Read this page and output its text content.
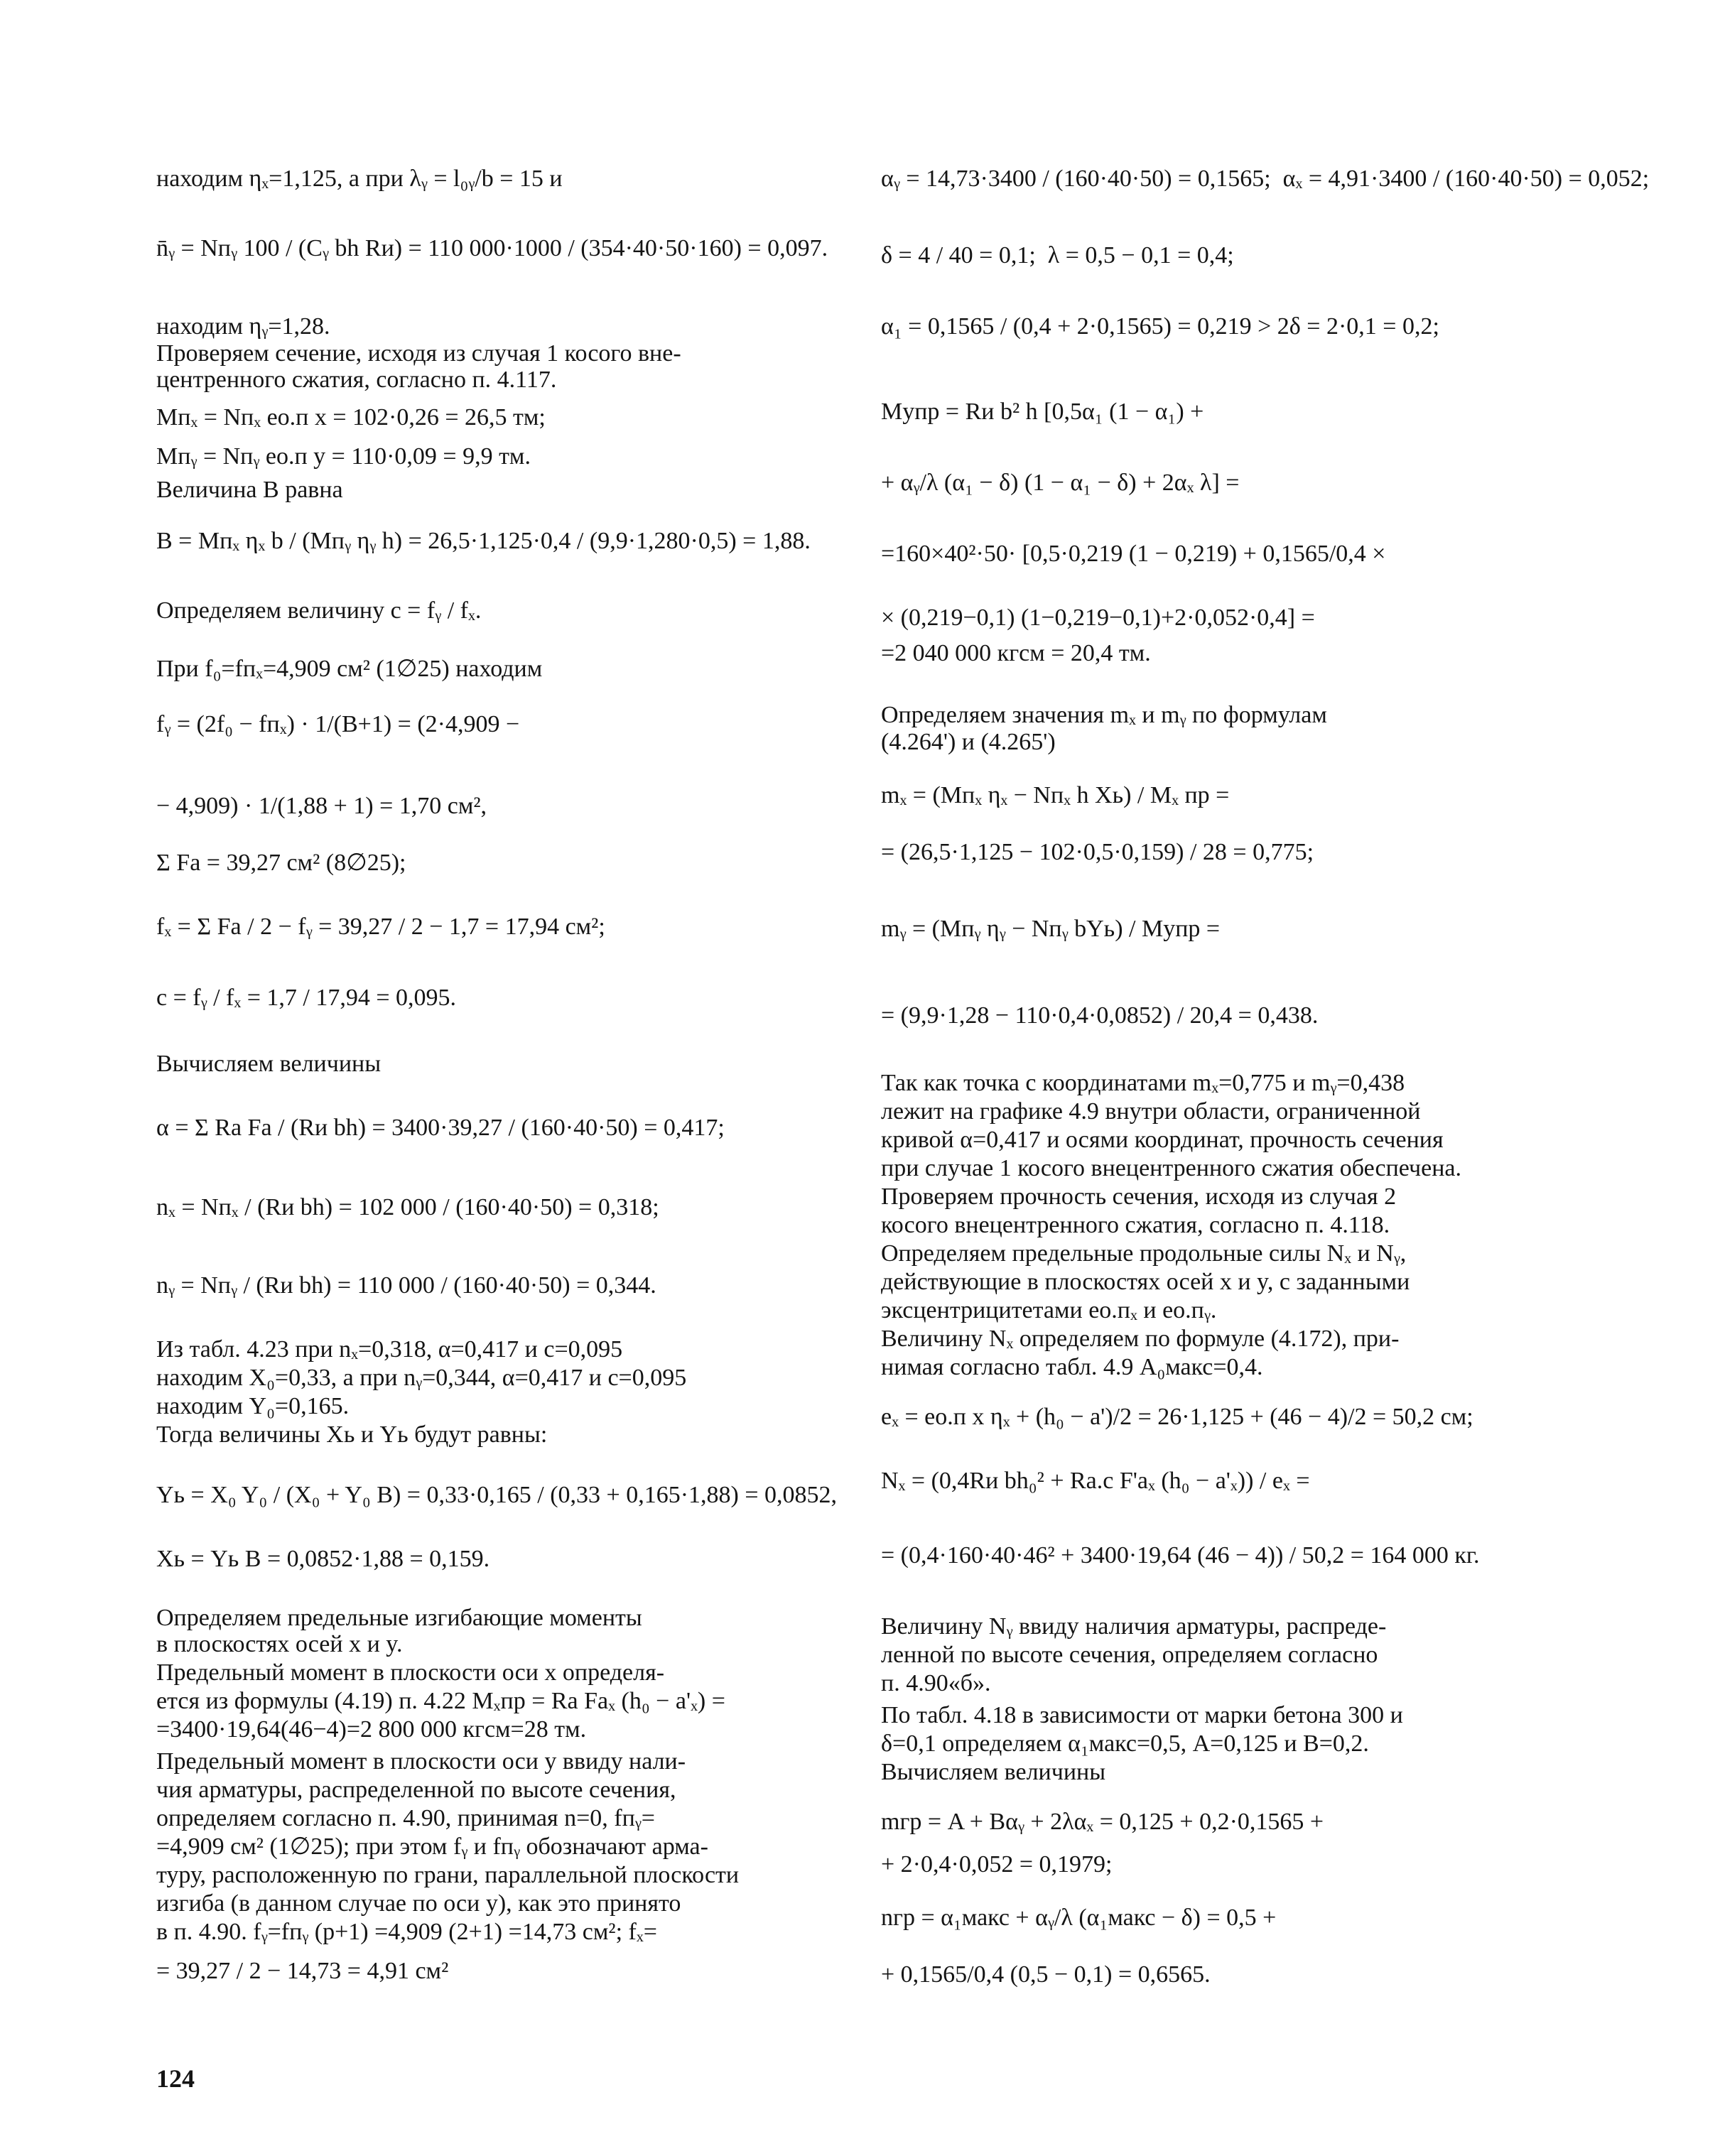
находим ηₓ=1,125, а при λᵧ = l₀ᵧ/b = 15 и
n̄ᵧ = Nпᵧ 100 / (Cᵧ bh Rи) = 110 000·1000 / (354·40·50·160) = 0,097.
находим ηᵧ=1,28.
Проверяем сечение, исходя из случая 1 косого вне-
центренного сжатия, согласно п. 4.117.
Mпₓ = Nпₓ eо.п x = 102·0,26 = 26,5 тм;
Mпᵧ = Nпᵧ eо.п y = 110·0,09 = 9,9 тм.
Величина B равна
B = Mпₓ ηₓ b / (Mпᵧ ηᵧ h) = 26,5·1,125·0,4 / (9,9·1,280·0,5) = 1,88.
Определяем величину c = fᵧ / fₓ.
При f₀=fпₓ=4,909 см² (1∅25) находим
fᵧ = (2f₀ − fпₓ) · 1/(B+1) = (2·4,909 −
− 4,909) · 1/(1,88 + 1) = 1,70 см²,
Σ Fа = 39,27 см² (8∅25);
fₓ = Σ Fа / 2 − fᵧ = 39,27 / 2 − 1,7 = 17,94 см²;
c = fᵧ / fₓ = 1,7 / 17,94 = 0,095.
Вычисляем величины
α = Σ Rа Fа / (Rи bh) = 3400·39,27 / (160·40·50) = 0,417;
nₓ = Nпₓ / (Rи bh) = 102 000 / (160·40·50) = 0,318;
nᵧ = Nпᵧ / (Rи bh) = 110 000 / (160·40·50) = 0,344.
Из табл. 4.23 при nₓ=0,318, α=0,417 и c=0,095
находим X₀=0,33, а при nᵧ=0,344, α=0,417 и c=0,095
находим Y₀=0,165.
Тогда величины Xь и Yь будут равны:
Yь = X₀ Y₀ / (X₀ + Y₀ B) = 0,33·0,165 / (0,33 + 0,165·1,88) = 0,0852,
Xь = Yь B = 0,0852·1,88 = 0,159.
Определяем предельные изгибающие моменты
в плоскостях осей x и y.
Предельный момент в плоскости оси x определя-
ется из формулы (4.19) п. 4.22 Mₓпр = Rа Fаₓ (h₀ − a'ₓ) =
=3400·19,64(46−4)=2 800 000 кгсм=28 тм.
Предельный момент в плоскости оси y ввиду нали-
чия арматуры, распределенной по высоте сечения,
определяем согласно п. 4.90, принимая n=0, fпᵧ=
=4,909 см² (1∅25); при этом fᵧ и fпᵧ обозначают арма-
туру, расположенную по грани, параллельной плоскости
изгиба (в данном случае по оси y), как это принято
в п. 4.90. fᵧ=fпᵧ (p+1) =4,909 (2+1) =14,73 см²; fₓ=
= 39,27 / 2 − 14,73 = 4,91 см²
αᵧ = 14,73·3400 / (160·40·50) = 0,1565;  αₓ = 4,91·3400 / (160·40·50) = 0,052;
δ = 4 / 40 = 0,1;  λ = 0,5 − 0,1 = 0,4;
α₁ = 0,1565 / (0,4 + 2·0,1565) = 0,219 > 2δ = 2·0,1 = 0,2;
Mупр = Rи b² h [0,5α₁ (1 − α₁) +
+ αᵧ/λ (α₁ − δ) (1 − α₁ − δ) + 2αₓ λ] =
=160×40²·50· [0,5·0,219 (1 − 0,219) + 0,1565/0,4 ×
× (0,219−0,1) (1−0,219−0,1)+2·0,052·0,4] =
=2 040 000 кгсм = 20,4 тм.
Определяем значения mₓ и mᵧ по формулам
(4.264') и (4.265')
mₓ = (Mпₓ ηₓ − Nпₓ h Xь) / Mₓ пр =
= (26,5·1,125 − 102·0,5·0,159) / 28 = 0,775;
mᵧ = (Mпᵧ ηᵧ − Nпᵧ bYь) / Mупр =
= (9,9·1,28 − 110·0,4·0,0852) / 20,4 = 0,438.
Так как точка с координатами mₓ=0,775 и mᵧ=0,438
лежит на графике 4.9 внутри области, ограниченной
кривой α=0,417 и осями координат, прочность сечения
при случае 1 косого внецентренного сжатия обеспечена.
Проверяем прочность сечения, исходя из случая 2
косого внецентренного сжатия, согласно п. 4.118.
Определяем предельные продольные силы Nₓ и Nᵧ,
действующие в плоскостях осей x и y, с заданными
эксцентрицитетами eо.пₓ и eо.пᵧ.
Величину Nₓ определяем по формуле (4.172), при-
нимая согласно табл. 4.9 A₀макс=0,4.
eₓ = eо.п x ηₓ + (h₀ − a')/2 = 26·1,125 + (46 − 4)/2 = 50,2 см;
Nₓ = (0,4Rи bh₀² + Rа.с F'аₓ (h₀ − a'ₓ)) / eₓ =
= (0,4·160·40·46² + 3400·19,64 (46 − 4)) / 50,2 = 164 000 кг.
Величину Nᵧ ввиду наличия арматуры, распреде-
ленной по высоте сечения, определяем согласно
п. 4.90«б».
По табл. 4.18 в зависимости от марки бетона 300 и
δ=0,1 определяем α₁макс=0,5, A=0,125 и B=0,2.
Вычисляем величины
mгр = A + Bαᵧ + 2λαₓ = 0,125 + 0,2·0,1565 +
+ 2·0,4·0,052 = 0,1979;
nгр = α₁макс + αᵧ/λ (α₁макс − δ) = 0,5 +
+ 0,1565/0,4 (0,5 − 0,1) = 0,6565.
124
